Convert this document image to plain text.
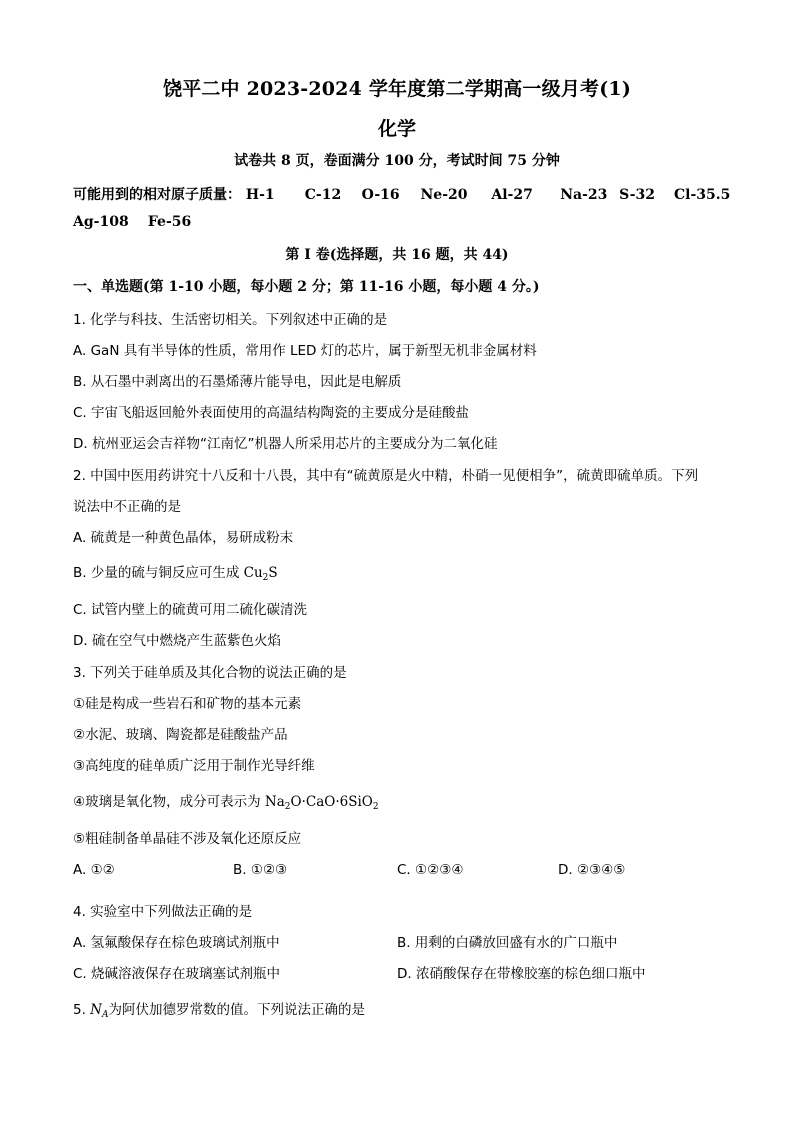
饶平二中 2023-2024 学年度第二学期高一级月考(1)
化学
试卷共 8 页，卷面满分 100 分，考试时间 75 分钟
可能用到的相对原子质量： H-1 C-12 O-16 Ne-20 Al-27 Na-23 S-32 Cl-35.5
Ag-108 Fe-56
第 I 卷(选择题，共 16 题，共 44)
一、单选题(第 1-10 小题，每小题 2 分；第 11-16 小题，每小题 4 分。)
1. 化学与科技、生活密切相关。下列叙述中正确的是
A. GaN 具有半导体的性质，常用作 LED 灯的芯片，属于新型无机非金属材料
B. 从石墨中剥离出的石墨烯薄片能导电，因此是电解质
C. 宇宙飞船返回舱外表面使用的高温结构陶瓷的主要成分是硅酸盐
D. 杭州亚运会吉祥物“江南忆”机器人所采用芯片的主要成分为二氧化硅
2. 中国中医用药讲究十八反和十八畏，其中有“硫黄原是火中精，朴硝一见便相争”，硫黄即硫单质。下列
说法中不正确的是
A. 硫黄是一种黄色晶体，易研成粉末
B. 少量的硫与铜反应可生成 $Cu_2S$
C. 试管内壁上的硫黄可用二硫化碳清洗
D. 硫在空气中燃烧产生蓝紫色火焰
3. 下列关于硅单质及其化合物的说法正确的是
①硅是构成一些岩石和矿物的基本元素
②水泥、玻璃、陶瓷都是硅酸盐产品
③高纯度的硅单质广泛用于制作光导纤维
④玻璃是氧化物，成分可表示为 $Na_2O\cdot CaO\cdot 6SiO_2$
⑤粗硅制备单晶硅不涉及氧化还原反应
A. ①②	B. ①②③	C. ①②③④	D. ②③④⑤
4. 实验室中下列做法正确的是
A. 氢氟酸保存在棕色玻璃试剂瓶中	B. 用剩的白磷放回盛有水的广口瓶中
C. 烧碱溶液保存在玻璃塞试剂瓶中	D. 浓硝酸保存在带橡胶塞的棕色细口瓶中
5. $N_A$为阿伏加德罗常数的值。下列说法正确的是
